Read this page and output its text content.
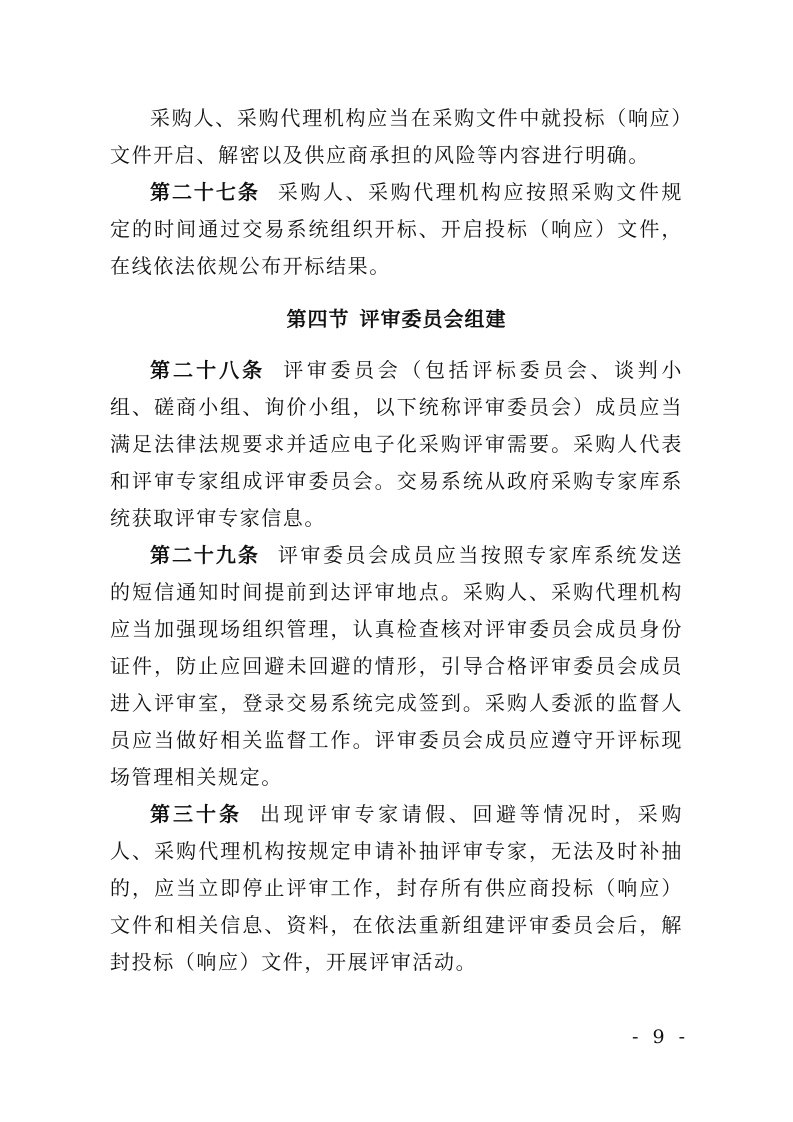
采购人、采购代理机构应当在采购文件中就投标（响应）文件开启、解密以及供应商承担的风险等内容进行明确。

第二十七条 采购人、采购代理机构应按照采购文件规定的时间通过交易系统组织开标、开启投标（响应）文件，在线依法依规公布开标结果。

第四节 评审委员会组建

第二十八条 评审委员会（包括评标委员会、谈判小组、磋商小组、询价小组，以下统称评审委员会）成员应当满足法律法规要求并适应电子化采购评审需要。采购人代表和评审专家组成评审委员会。交易系统从政府采购专家库系统获取评审专家信息。

第二十九条 评审委员会成员应当按照专家库系统发送的短信通知时间提前到达评审地点。采购人、采购代理机构应当加强现场组织管理，认真检查核对评审委员会成员身份证件，防止应回避未回避的情形，引导合格评审委员会成员进入评审室，登录交易系统完成签到。采购人委派的监督人员应当做好相关监督工作。评审委员会成员应遵守开评标现场管理相关规定。

第三十条 出现评审专家请假、回避等情况时，采购人、采购代理机构按规定申请补抽评审专家，无法及时补抽的，应当立即停止评审工作，封存所有供应商投标（响应）文件和相关信息、资料，在依法重新组建评审委员会后，解封投标（响应）文件，开展评审活动。

- 9 -
